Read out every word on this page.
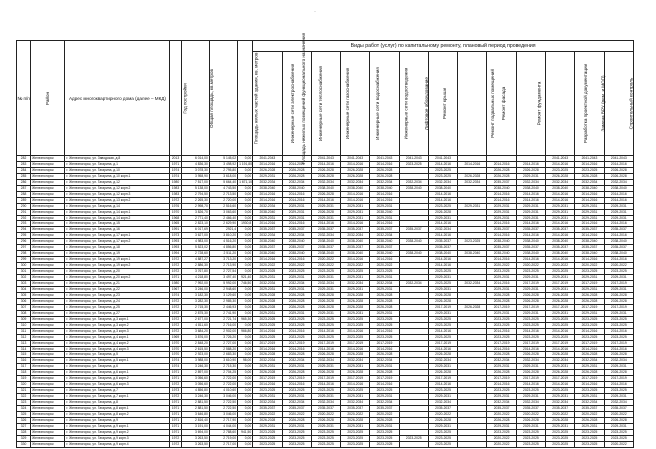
·
№ п/п	Район	Адрес многоквартирного дома (далее – МКД)	Год постройки	Общая площадь, кв.метров	Площадь жилых частей здания, кв. метров	Площадь нежилых помещений функционального назначения	Виды работ (услуг) по капитальному ремонту, плановый период проведения												
							Инженерные сети электроснабжения	Инженерные сети теплоснабжения	Инженерные сети газоснабжения	Инженерные сети водоснабжения	Инженерные сети водоотведения	Лифтовое оборудование	Ремонт крыши	Ремонт подвальных помещений	Ремонт фасада	Ремонт фундамента	Разработка проектной документации	Замена ВРУ (рем. и МОП)	Строительный контроль
282	Железногорск	г. Железногорск, ул. Заводская, д.8	2013	6 014,00	5 145,02	0,00	2041-2043		2041-2043	2041-2043	2041-2043	2041-2043	2041-2043				2041-2043	2041-2043	2041-2043
283	Железногорск	г. Железногорск, ул. Гагарина, д.1	1971	4 836,30	3 498,92	1 191,80	2014-2016	2014-2016	2014-2016	2014-2016	2014-2016	2023-2025	2014-2016	2014-2016	2014-2016	2014-2016	2014-2016	2014-2016	2014-2016
284	Железногорск	г. Железногорск, ул. Гагарина, д.10	1974	3 078,30	2 795,80	0,00	2026-2028	2026-2028	2026-2028	2026-2028	2026-2028		2023-2025		2026-2028	2026-2028	2023-2025	2023-2025	2026-2028
285	Железногорск	г. Железногорск, ул. Гагарина, д.10 корп.1	1974	3 958,90	3 618,00	0,00	2029-2031	2026-2028	2026-2028	2026-2028	2026-2028		2023-2025	2026-2028	2026-2028	2029-2031	2026-2028	2026-2028	2026-2028
286	Железногорск	г. Железногорск, ул. Гагарина, д.12	1980	7 517,00	5 664,40	1 671,10	2032-2034	2032-2034	2032-2034	2032-2034	2032-2034	2032-2034	2032-2034	2032-2034	2035-2037	2032-2034	2032-2034	2032-2034	2032-2034
287	Железногорск	г. Железногорск, ул. Гагарина, д.12 корп.2	1983	5 138,00	4 743,50	0,00	2038-2040	2038-2040	2038-2040	2038-2040	2038-2040	2038-2040	2038-2040		2038-2040	2038-2040	2038-2040	2038-2040	2038-2040
288	Железногорск	г. Железногорск, ул. Гагарина, д.12 корп.3	1983	2 794,50	2 713,50	0,00	2014-2016	2014-2016	2026-2028	2014-2016	2014-2016		2014-2016		2014-2016	2014-2016	2014-2016	2014-2016	2014-2016
289	Железногорск	г. Железногорск, ул. Гагарина, д.13 корп.2	1972	2 265,30	2 720,00	0,00	2014-2016	2014-2016	2014-2016	2014-2016	2014-2016		2014-2016		2014-2016	2014-2016	2014-2016	2014-2016	2014-2016
290	Железногорск	г. Железногорск, ул. Гагарина, д.14	1976	2 998,70	2 516,60	0,00	2032-2034	2029-2031	2029-2031	2029-2031	2029-2031		2023-2025	2029-2031	2029-2031	2029-2031	2029-2031	2029-2031	2029-2031
291	Железногорск	г. Железногорск, ул. Гагарина, д.14 корп.1	1970	3 826,70	3 063,60	0,00	2038-2040	2029-2031	2026-2028	2029-2031	2038-2040		2026-2028		2029-2031	2029-2031	2029-2031	2029-2031	2029-2031
292	Железногорск	г. Железногорск, ул. Гагарина, д.14 корп.2	1968	2 771,40	2 466,40	0,00	2029-2031	2029-2031	2029-2031	2029-2031	2029-2031		2029-2031		2029-2031	2029-2031	2029-2031	2029-2031	2029-2031
293	Железногорск	г. Железногорск, ул. Гагарина, д.15	1965	2 823,10	2 629,90	1930,8	2014-2016	2014-2016	2014-2016	2014-2016	2014-2016		2014-2016		2014-2016	2014-2016	2014-2016	2014-2016	2014-2016
294	Железногорск	г. Железногорск, ул. Гагарина, д.16	1991	6 017,69	2921,4	0,00	2035-2037	2035-2037	2035-2037	2035-2037	2035-2037	2035-2037	2032-2034		2035-2037	2035-2037	2035-2037	2035-2037	2035-2037
295	Железногорск	г. Железногорск, ул. Гагарина, д.17 корп.1	1973	3 627,00	3 810,20	0,00	2032-2034	2032-2034	2032-2034	2032-2034	2032-2034		2014-2016		2014-2016	2014-2016	2014-2016	2014-2016	2014-2016
296	Железногорск	г. Железногорск, ул. Гагарина, д.17 корп.2	1993	4 983,00	4 516,20	0,00	2038-2040	2038-2040	2038-2040	2038-2040	2038-2040	2038-2040	2035-2037	2023-2025	2038-2040	2038-2040	2038-2040	2038-2040	2038-2040
297	Железногорск	г. Железногорск, ул. Гагарина, д.18	1993	5 523,02	4 856,80	0,00	2035-2037	2035-2037	2035-2037	2035-2037	2035-2037		2035-2037		2035-2037	2035-2037	2035-2037	2035-2037	2035-2037
298	Железногорск	г. Железногорск, ул. Гагарина, д.19	1994	2 728,60	2 511,20	0,00	2038-2040	2038-2040	2038-2040	2038-2040	2038-2040	2038-2040	2038-2040	2038-2040	2038-2040	2038-2040	2038-2040	2038-2040	2038-2040
299	Железногорск	г. Железногорск, ул. Гагарина, д.19 корп.1	1972	4 887,27	3 713,20	0,00	2014-2016	2014-2016	2020-2022	2014-2016	2014-2016		2014-2016		2014-2016	2014-2016	2014-2016	2014-2016	2014-2016
300	Железногорск	г. Железногорск, ул. Гагарина, д.19 корп.2	1972	2 886,30	2 713,90	0,00	2020-2022	2020-2022	2020-2022	2020-2022	2020-2022		2014-2016		2020-2022	2020-2022	2020-2022	2020-2022	2020-2022
301	Железногорск	г. Железногорск, ул. Гагарина, д.20	1972	3 767,80	2 727,54	0,00	2023-2025	2023-2025	2023-2025	2023-2025	2023-2025		2023-2025		2023-2025	2023-2025	2023-2025	2023-2025	2023-2025
302	Железногорск	г. Железногорск, ул. Гагарина, д.20 корп.2	1971	4 218,80	3 497,40	921,40	2029-2031	2029-2031	2029-2031	2029-2031	2029-2031		2029-2031		2029-2031	2029-2031	2029-2031	2029-2031	2029-2031
303	Железногорск	г. Железногорск, ул. Гагарина, д.21	1980	7 992,00	5 992,00	746,50	2032-2034	2032-2034	2032-2034	2032-2034	2032-2034	2032-2034	2023-2025	2032-2034	2014-2016	2017-2019	2017-2019	2017-2019	2017-2019
304	Железногорск	г. Железногорск, ул. Гагарина, д.22	1967	3 246,00	2 948,60	0,00	2029-2031	2029-2031	2029-2031	2029-2031	2029-2031		2029-2031		2029-2031	2029-2031	2029-2031	2029-2031	2029-2031
305	Железногорск	г. Железногорск, ул. Гагарина, д.23	1974	3 182,30	3 129,60	0,00	2026-2028	2026-2028	2026-2028	2026-2028	2026-2028		2026-2028		2026-2028	2026-2028	2026-2028	2026-2028	2026-2028
306	Железногорск	г. Железногорск, ул. Гагарина, д.24	1972	3 282,30	2 985,30	0,00	2026-2028	2026-2028	2026-2028	2026-2028	2026-2028		2026-2028		2026-2028	2026-2028	2026-2028	2026-2028	2026-2028
307	Железногорск	г. Железногорск, ул. Гагарина, д.25	1972	2 715,30	2 446,93	0,00	2026-2028	2026-2028	2026-2028	2026-2028	2026-2028		2017-2019	2026-2028	2017-2019	2017-2019	2017-2019	2017-2019	2017-2019
308	Железногорск	г. Железногорск, ул. Гагарина, д.27	1972	2 875,30	2 741,90	0,00	2029-2031	2029-2031	2029-2031	2029-2031	2029-2031		2029-2031		2029-2031	2029-2031	2029-2031	2029-2031	2029-2031
309	Железногорск	г. Железногорск, ул. Гагарина, д.3 корп.1	1972	2 677,00	2 721,74	965,30	2023-2025	2023-2025	2023-2025	2023-2025	2023-2025		2023-2025		2023-2025	2023-2025	2023-2025	2023-2025	2023-2025
310	Железногорск	г. Железногорск, ул. Гагарина, д.3 корп.2	1972	4 811,60	2 716,00	0,00	2023-2025	2023-2025	2023-2025	2023-2025	2023-2025		2023-2025		2023-2025	2023-2025	2023-2025	2023-2025	2023-2025
311	Железногорск	г. Железногорск, ул. Гагарина, д.3 корп.3	1972	3 684,20	2 902,00	966,80	2014-2016	2014-2016	2014-2016	2014-2016	2014-2016		2014-2016		2014-2016	2014-2016	2014-2016	2014-2016	2014-2016
312	Железногорск	г. Железногорск, ул. Гагарина, д.4 корп.1	1969	3 876,00	3 726,20	0,00	2023-2025	2023-2025	2023-2025	2023-2025	2023-2025		2023-2025		2023-2025	2023-2025	2023-2025	2023-2025	2023-2025
313	Железногорск	г. Железногорск, ул. Гагарина, д.4 корп.2	1970	2 848,20	2 727,00	0,00	2017-2019	2017-2019	2017-2019	2017-2019	2017-2019		2017-2019		2017-2019	2017-2019	2017-2019	2017-2019	2017-2019
314	Железногорск	г. Железногорск, ул. Гагарина, д.4 корп.3	1970	2 615,50	2 588,20	0,00	2014-2016	2014-2016	2014-2016	2014-2016	2014-2016		2014-2016		2014-2016	2014-2016	2014-2016	2014-2016	2014-2016
315	Железногорск	г. Железногорск, ул. Гагарина, д.5	1970	2 923,00	2 683,30	0,00	2026-2028	2026-2028	2026-2028	2026-2028	2026-2028		2026-2028		2026-2028	2026-2028	2026-2028	2026-2028	2026-2028
316	Железногорск	г. Железногорск, ул. Гагарина, д.5 корп.1	1974	3 988,00	3 610,90	98,00	2032-2034	2032-2034	2032-2034	2032-2034	2032-2034		2032-2034		2032-2034	2032-2034	2032-2034	2032-2034	2032-2034
317	Железногорск	г. Железногорск, ул. Гагарина, д.6	1974	3 246,30	2 715,30	0,00	2029-2031	2029-2031	2029-2031	2029-2031	2029-2031		2029-2031		2029-2031	2029-2031	2029-2031	2029-2031	2029-2031
318	Железногорск	г. Железногорск, ул. Гагарина, д.6 корп.1	1971	2 897,00	2 704,25	0,00	2026-2028	2026-2028	2026-2028	2026-2028	2026-2028		2026-2028		2026-2028	2026-2028	2026-2028	2026-2028	2026-2028
319	Железногорск	г. Железногорск, ул. Гагарина, д.6 корп.2	1971	3 056,60	2 722,00	0,00	2017-2019	2017-2019	2017-2019	2017-2019	2017-2019		2017-2019		2017-2019	2017-2019	2017-2019	2017-2019	2017-2019
320	Железногорск	г. Железногорск, ул. Гагарина, д.6 корп.3	1972	3 056,60	2 722,00	0,00	2014-2016	2014-2016	2014-2016	2014-2016	2014-2016		2014-2016		2014-2016	2014-2016	2014-2016	2014-2016	2014-2016
321	Железногорск	г. Железногорск, ул. Гагарина, д.7	1973	4 856,80	4 010,60	0,00	2023-2025	2023-2025	2023-2025	2023-2025	2023-2025		2023-2025		2023-2025	2023-2025	2023-2025	2023-2025	2023-2025
322	Железногорск	г. Железногорск, ул. Гагарина, д.7 корп.1	1972	3 246,30	3 046,00	0,00	2029-2031	2029-2031	2029-2031	2029-2031	2029-2031		2029-2031		2029-2031	2029-2031	2029-2031	2029-2031	2029-2031
323	Железногорск	г. Железногорск, ул. Гагарина, д.8	1971	2 881,50	2 722,50	0,00	2032-2034	2032-2034	2032-2034	2032-2034	2032-2034		2032-2034		2032-2034	2032-2034	2032-2034	2032-2034	2032-2034
324	Железногорск	г. Железногорск, ул. Гагарина, д.8 корп.1	1971	2 881,50	2 722,50	0,00	2035-2037	2035-2037	2035-2037	2035-2037	2035-2037		2035-2037		2035-2037	2035-2037	2035-2037	2035-2037	2035-2037
325	Железногорск	г. Железногорск, ул. Гагарина, д.8 корп.2	1971	3 646,80	3 046,00	0,00	2020-2022	2020-2022	2020-2022	2020-2022	2020-2022		2020-2022		2020-2022	2020-2022	2020-2022	2020-2022	2020-2022
326	Железногорск	г. Железногорск, ул. Гагарина, д.9	1971	2 816,40	2 717,90	0,00	2026-2028	2026-2028	2026-2028	2026-2028	2026-2028		2026-2028		2026-2028	2026-2028	2026-2028	2026-2028	2026-2028
327	Железногорск	г. Железногорск, ул. Гагарина, д.9 корп.1	1971	3 191,00	4 044,00	0,00	2029-2031	2029-2031	2029-2031	2029-2031	2029-2031		2029-2031		2029-2031	2029-2031	2029-2031	2029-2031	2029-2031
328	Железногорск	г. Железногорск, ул. Гагарина, д.9 корп.2	1971	3 694,00	2 788,60	941,50	2023-2025	2023-2025	2023-2025	2023-2025	2023-2025		2023-2025		2023-2025	2023-2025	2023-2025	2023-2025	2023-2025
329	Железногорск	г. Железногорск, ул. Гагарина, д.9 корп.3	1972	3 263,50	2 719,00	0,00	2023-2025	2023-2025	2023-2025	2023-2025	2023-2025	2023-2025	2023-2025		2020-2022	2023-2025	2023-2025	2023-2025	2023-2025
330	Железногорск	г. Железногорск, ул. Гагарина, д.9 корп.4	1972	3 263,50	2 717,00	0,00	2023-2025	2023-2025	2023-2025	2023-2025	2023-2025		2023-2025		2020-2022	2023-2025	2023-2025	2023-2025	2020-2022
